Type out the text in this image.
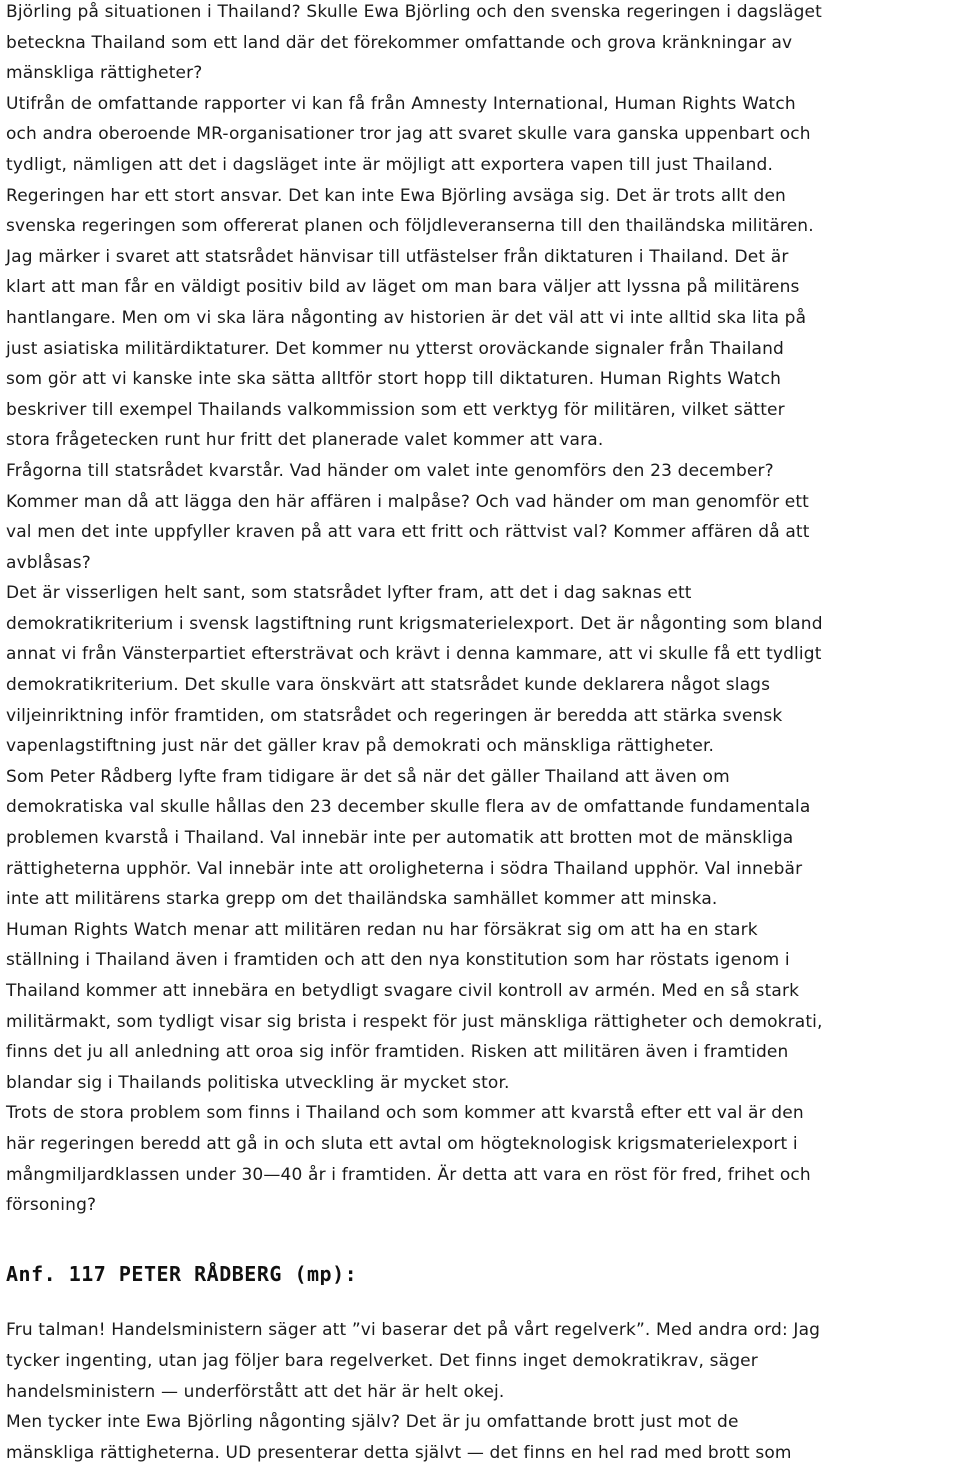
Björling på situationen i Thailand? Skulle Ewa Björling och den svenska regeringen i dagsläget
beteckna Thailand som ett land där det förekommer omfattande och grova kränkningar av
mänskliga rättigheter?

Utifrån de omfattande rapporter vi kan få från Amnesty International, Human Rights Watch
och andra oberoende MR-organisationer tror jag att svaret skulle vara ganska uppenbart och
tydligt, nämligen att det i dagsläget inte är möjligt att exportera vapen till just Thailand.
Regeringen har ett stort ansvar. Det kan inte Ewa Björling avsäga sig. Det är trots allt den
svenska regeringen som offererat planen och följdleveranserna till den thailändska militären.
Jag märker i svaret att statsrådet hänvisar till utfästelser från diktaturen i Thailand. Det är
klart att man får en väldigt positiv bild av läget om man bara väljer att lyssna på militärens
hantlangare. Men om vi ska lära någonting av historien är det väl att vi inte alltid ska lita på
just asiatiska militärdiktaturer. Det kommer nu ytterst oroväckande signaler från Thailand
som gör att vi kanske inte ska sätta alltför stort hopp till diktaturen. Human Rights Watch
beskriver till exempel Thailands valkommission som ett verktyg för militären, vilket sätter
stora frågetecken runt hur fritt det planerade valet kommer att vara.

Frågorna till statsrådet kvarstår. Vad händer om valet inte genomförs den 23 december?
Kommer man då att lägga den här affären i malpåse? Och vad händer om man genomför ett
val men det inte uppfyller kraven på att vara ett fritt och rättvist val? Kommer affären då att
avblåsas?

Det är visserligen helt sant, som statsrådet lyfter fram, att det i dag saknas ett
demokratikriterium i svensk lagstiftning runt krigsmaterielexport. Det är någonting som bland
annat vi från Vänsterpartiet eftersträvat och krävt i denna kammare, att vi skulle få ett tydligt
demokratikriterium. Det skulle vara önskvärt att statsrådet kunde deklarera något slags
viljeinriktning inför framtiden, om statsrådet och regeringen är beredda att stärka svensk
vapenlagstiftning just när det gäller krav på demokrati och mänskliga rättigheter.

Som Peter Rådberg lyfte fram tidigare är det så när det gäller Thailand att även om
demokratiska val skulle hållas den 23 december skulle flera av de omfattande fundamentala
problemen kvarstå i Thailand. Val innebär inte per automatik att brotten mot de mänskliga
rättigheterna upphör. Val innebär inte att oroligheterna i södra Thailand upphör. Val innebär
inte att militärens starka grepp om det thailändska samhället kommer att minska.

Human Rights Watch menar att militären redan nu har försäkrat sig om att ha en stark
ställning i Thailand även i framtiden och att den nya konstitution som har röstats igenom i
Thailand kommer att innebära en betydligt svagare civil kontroll av armén. Med en så stark
militärmakt, som tydligt visar sig brista i respekt för just mänskliga rättigheter och demokrati,
finns det ju all anledning att oroa sig inför framtiden. Risken att militären även i framtiden
blandar sig i Thailands politiska utveckling är mycket stor.

Trots de stora problem som finns i Thailand och som kommer att kvarstå efter ett val är den
här regeringen beredd att gå in och sluta ett avtal om högteknologisk krigsmaterielexport i
mångmiljardklassen under 30—40 år i framtiden. Är detta att vara en röst för fred, frihet och
försoning?

Anf. 117 PETER RÅDBERG (mp):

Fru talman! Handelsministern säger att ”vi baserar det på vårt regelverk”. Med andra ord: Jag
tycker ingenting, utan jag följer bara regelverket. Det finns inget demokratikrav, säger
handelsministern — underförstått att det här är helt okej.

Men tycker inte Ewa Björling någonting själv? Det är ju omfattande brott just mot de
mänskliga rättigheterna. UD presenterar detta självt — det finns en hel rad med brott som
